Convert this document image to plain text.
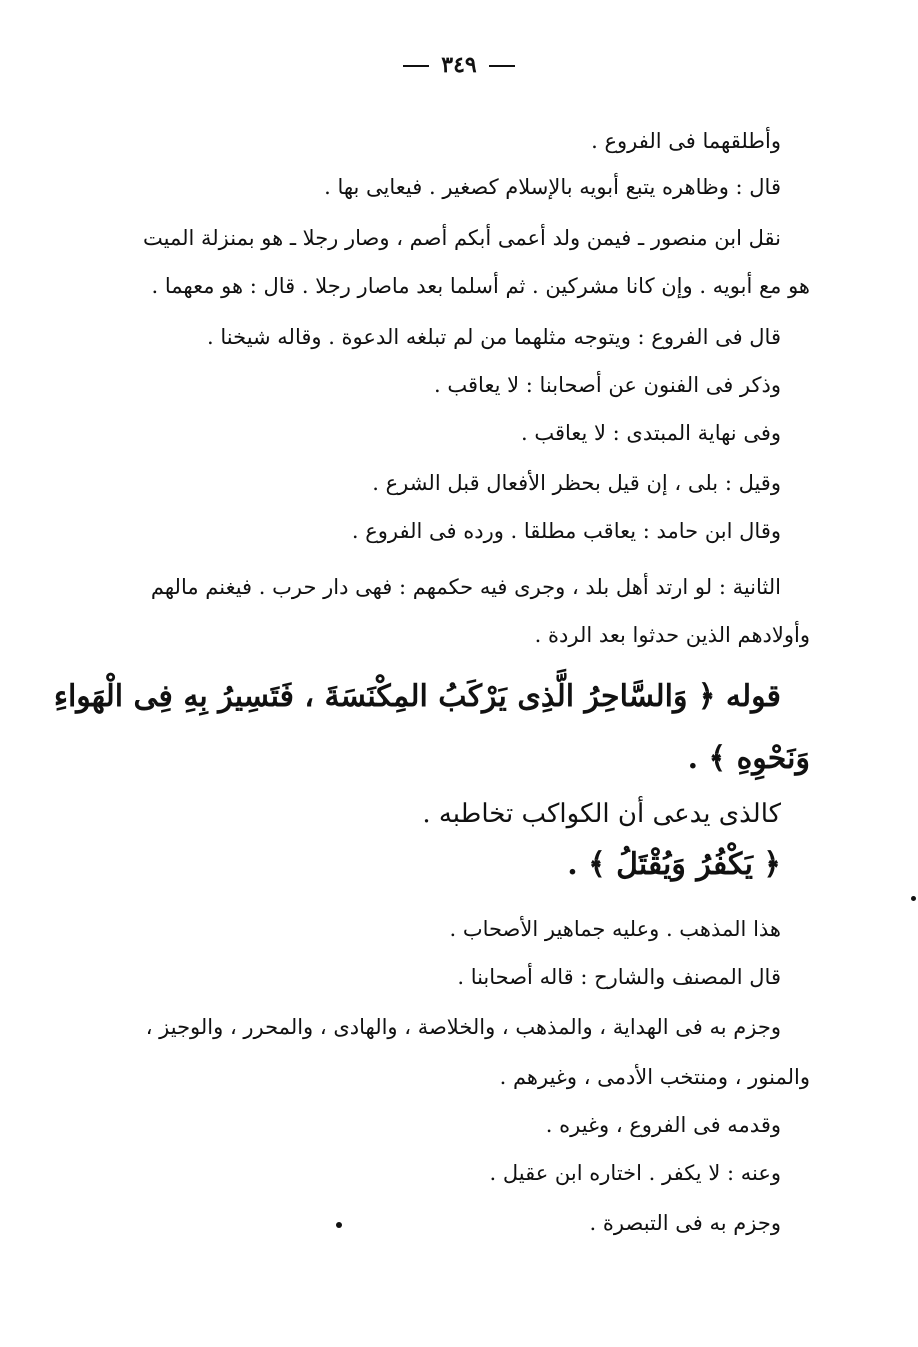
٣٤٩
وأطلقهما فى الفروع .
قال : وظاهره يتبع أبويه بالإسلام كصغير . فيعايى بها .
نقل ابن منصور ـ فيمن ولد أعمى أبكم أصم ، وصار رجلا ـ هو بمنزلة الميت
هو مع أبويه . وإن كانا مشركين . ثم أسلما بعد ماصار رجلا . قال : هو معهما .
قال فى الفروع : ويتوجه مثلهما من لم تبلغه الدعوة . وقاله شيخنا .
وذكر فى الفنون عن أصحابنا : لا يعاقب .
وفى نهاية المبتدى : لا يعاقب .
وقيل : بلى ، إن قيل بحظر الأفعال قبل الشرع .
وقال ابن حامد : يعاقب مطلقا . ورده فى الفروع .
الثانية : لو ارتد أهل بلد ، وجرى فيه حكمهم : فهى دار حرب . فيغنم مالهم
وأولادهم الذين حدثوا بعد الردة .
قوله ﴿ وَالسَّاحِرُ الَّذِى يَرْكَبُ المِكْنَسَةَ ، فَتَسِيرُ بِهِ فِى الْهَواءِ
وَنَحْوِهِ ﴾ .
كالذى يدعى أن الكواكب تخاطبه .
﴿ يَكْفُرُ وَيُقْتَلُ ﴾ .
هذا المذهب . وعليه جماهير الأصحاب .
قال المصنف والشارح : قاله أصحابنا .
وجزم به فى الهداية ، والمذهب ، والخلاصة ، والهادى ، والمحرر ، والوجيز ،
والمنور ، ومنتخب الأدمى ، وغيرهم .
وقدمه فى الفروع ، وغيره .
وعنه : لا يكفر . اختاره ابن عقيل .
وجزم به فى التبصرة .
